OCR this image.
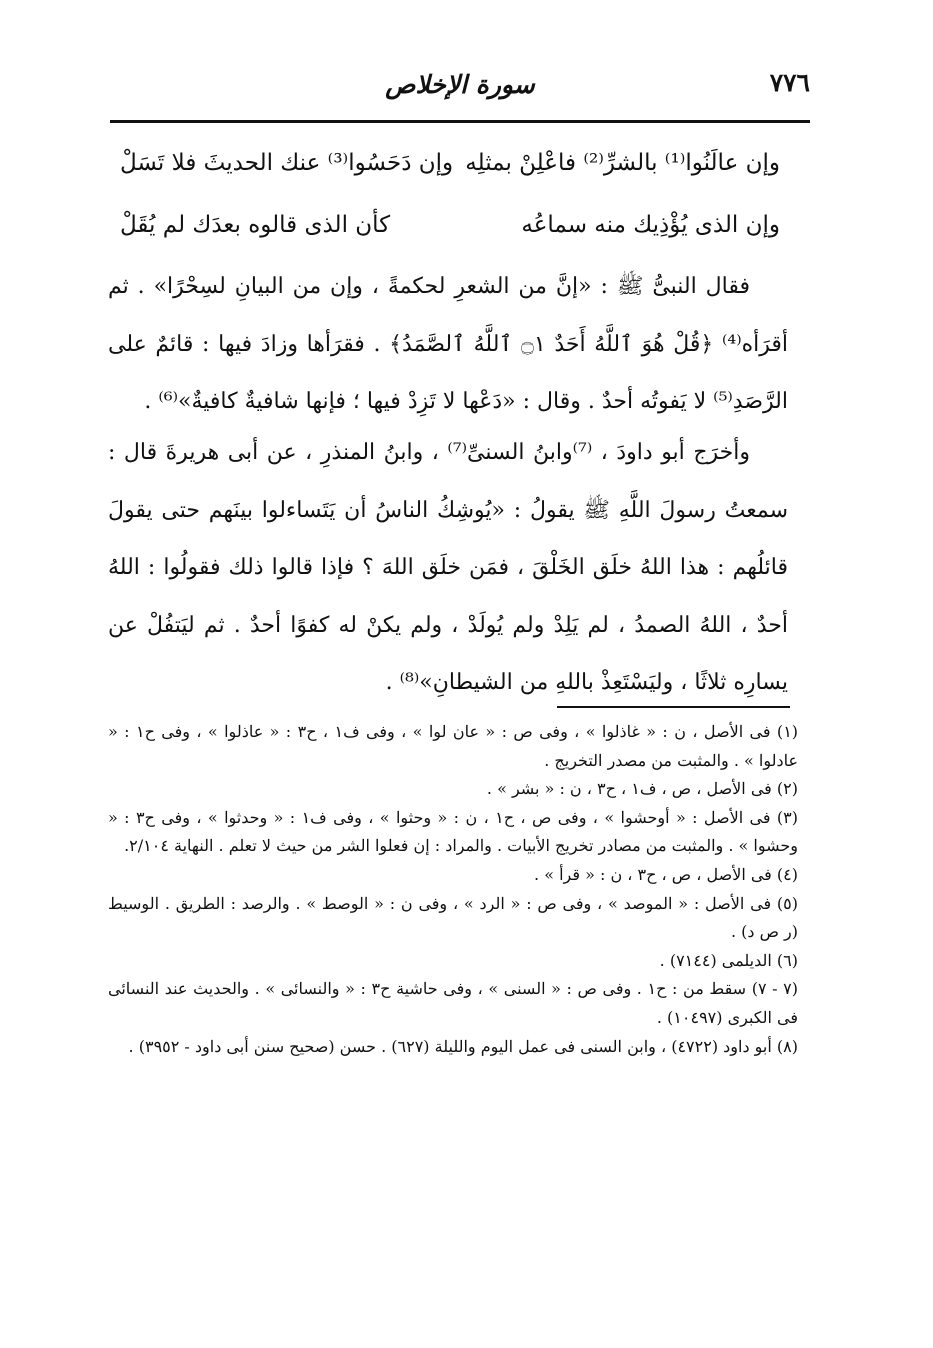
٧٧٦
سورة الإخلاص
وإن عالَنُوا⁽¹⁾ بالشرِّ⁽²⁾ فاعْلِنْ بمثلِه
وإن دَحَسُوا⁽³⁾ عنك الحديثَ فلا تَسَلْ
وإن الذى يُؤْذِيك منه سماعُه
كأن الذى قالوه بعدَك لم يُقَلْ

فقال النبىُّ ﷺ : «إنَّ من الشعرِ لحكمةً ، وإن من البيانِ لسِحْرًا» . ثم أقرَأه⁽⁴⁾ ﴿قُلْ هُوَ ٱللَّهُ أَحَدٌ ۝١ ٱللَّهُ ٱلصَّمَدُ﴾ . فقرَأها وزادَ فيها : قائمٌ على الرَّصَدِ⁽⁵⁾ لا يَفوتُه أحدٌ . وقال : «دَعْها لا تَزِدْ فيها ؛ فإنها شافيةٌ كافيةٌ»⁽⁶⁾ .

وأخرَج أبو داودَ ، ⁽⁷⁾وابنُ السنىِّ⁽⁷⁾ ، وابنُ المنذرِ ، عن أبى هريرةَ قال : سمعتُ رسولَ اللَّهِ ﷺ يقولُ : «يُوشِكُ الناسُ أن يَتَساءلوا بينَهم حتى يقولَ قائلُهم : هذا اللهُ خلَق الخَلْقَ ، فمَن خلَق اللهَ ؟ فإذا قالوا ذلك فقولُوا : اللهُ أحدٌ ، اللهُ الصمدُ ، لم يَلِدْ ولم يُولَدْ ، ولم يكنْ له كفوًا أحدٌ . ثم ليَتفُلْ عن يسارِه ثلاثًا ، وليَسْتَعِذْ باللهِ من الشيطانِ»⁽⁸⁾ .

(١) فى الأصل ، ن : « غاذلوا » ، وفى ص : « عان لوا » ، وفى ف١ ، ح٣ : « عاذلوا » ، وفى ح١ : « عادلوا » . والمثبت من مصدر التخريج .

(٢) فى الأصل ، ص ، ف١ ، ح٣ ، ن : « بشر » .

(٣) فى الأصل : « أوحشوا » ، وفى ص ، ح١ ، ن : « وحثوا » ، وفى ف١ : « وحدثوا » ، وفى ح٣ : « وحشوا » . والمثبت من مصادر تخريج الأبيات . والمراد : إن فعلوا الشر من حيث لا تعلم . النهاية ٢/١٠٤.

(٤) فى الأصل ، ص ، ح٣ ، ن : « قرأ » .

(٥) فى الأصل : « الموصد » ، وفى ص : « الرد » ، وفى ن : « الوصط » . والرصد : الطريق . الوسيط (ر ص د) .

(٦) الديلمى (٧١٤٤) .

(٧ - ٧) سقط من : ح١ . وفى ص : « السنى » ، وفى حاشية ح٣ : « والنسائى » . والحديث عند النسائى فى الكبرى (١٠٤٩٧) .

(٨) أبو داود (٤٧٢٢) ، وابن السنى فى عمل اليوم والليلة (٦٢٧) . حسن (صحيح سنن أبى داود - ٣٩٥٢) .
